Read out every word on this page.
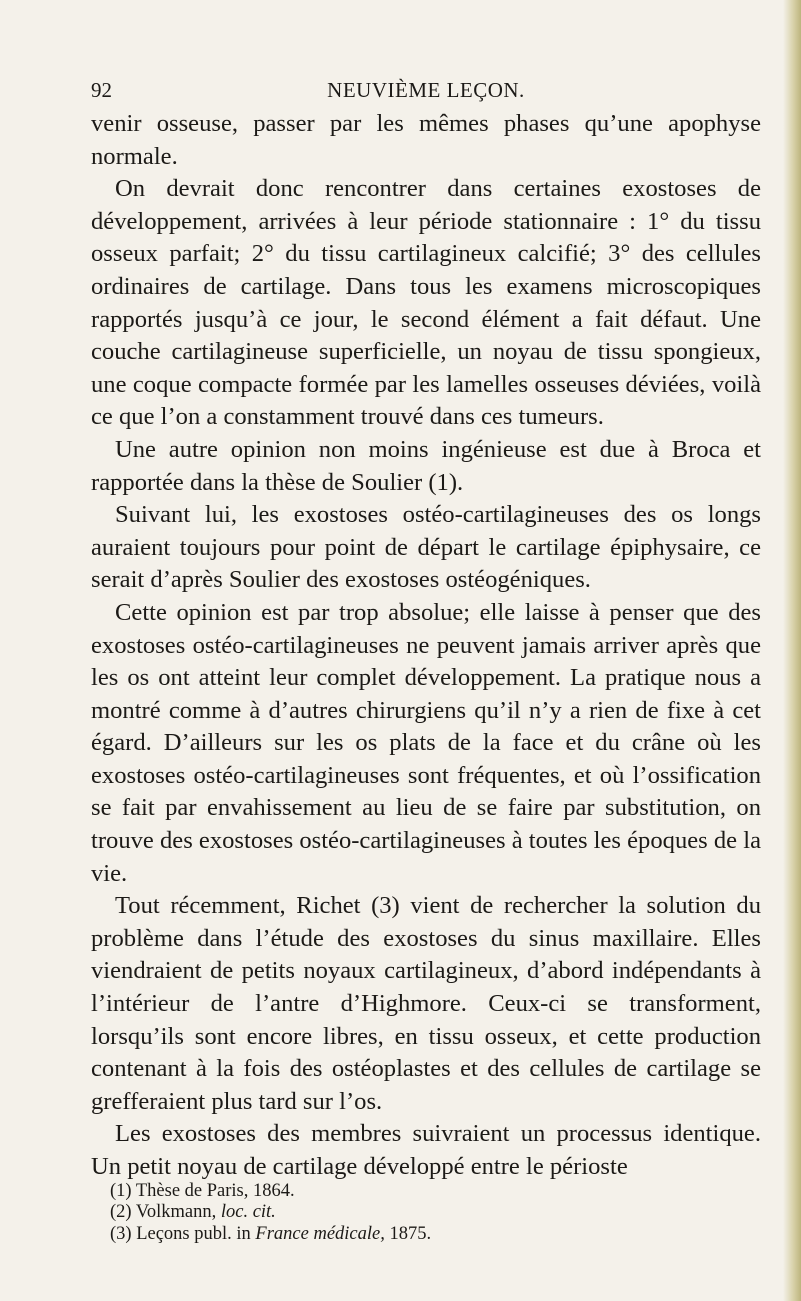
92	NEUVIÈME LEÇON.

venir osseuse, passer par les mêmes phases qu’une apophyse normale.

On devrait donc rencontrer dans certaines exostoses de développement, arrivées à leur période stationnaire : 1° du tissu osseux parfait; 2° du tissu cartilagineux calcifié; 3° des cellules ordinaires de cartilage. Dans tous les examens microscopiques rapportés jusqu’à ce jour, le second élément a fait défaut. Une couche cartilagineuse superficielle, un noyau de tissu spongieux, une coque compacte formée par les lamelles osseuses déviées, voilà ce que l’on a constamment trouvé dans ces tumeurs.

Une autre opinion non moins ingénieuse est due à Broca et rapportée dans la thèse de Soulier (1).

Suivant lui, les exostoses ostéo-cartilagineuses des os longs auraient toujours pour point de départ le cartilage épiphysaire, ce serait d’après Soulier des exostoses ostéogéniques.

Cette opinion est par trop absolue; elle laisse à penser que des exostoses ostéo-cartilagineuses ne peuvent jamais arriver après que les os ont atteint leur complet développement. La pratique nous a montré comme à d’autres chirurgiens qu’il n’y a rien de fixe à cet égard. D’ailleurs sur les os plats de la face et du crâne où les exostoses ostéo-cartilagineuses sont fréquentes, et où l’ossification se fait par envahissement au lieu de se faire par substitution, on trouve des exostoses ostéo-cartilagineuses à toutes les époques de la vie.

Tout récemment, Richet (3) vient de rechercher la solution du problème dans l’étude des exostoses du sinus maxillaire. Elles viendraient de petits noyaux cartilagineux, d’abord indépendants à l’intérieur de l’antre d’Highmore. Ceux-ci se transforment, lorsqu’ils sont encore libres, en tissu osseux, et cette production contenant à la fois des ostéoplastes et des cellules de cartilage se grefferaient plus tard sur l’os.

Les exostoses des membres suivraient un processus identique. Un petit noyau de cartilage développé entre le périoste

(1) Thèse de Paris, 1864.

(2) Volkmann, loc. cit.

(3) Leçons publ. in France médicale, 1875.
